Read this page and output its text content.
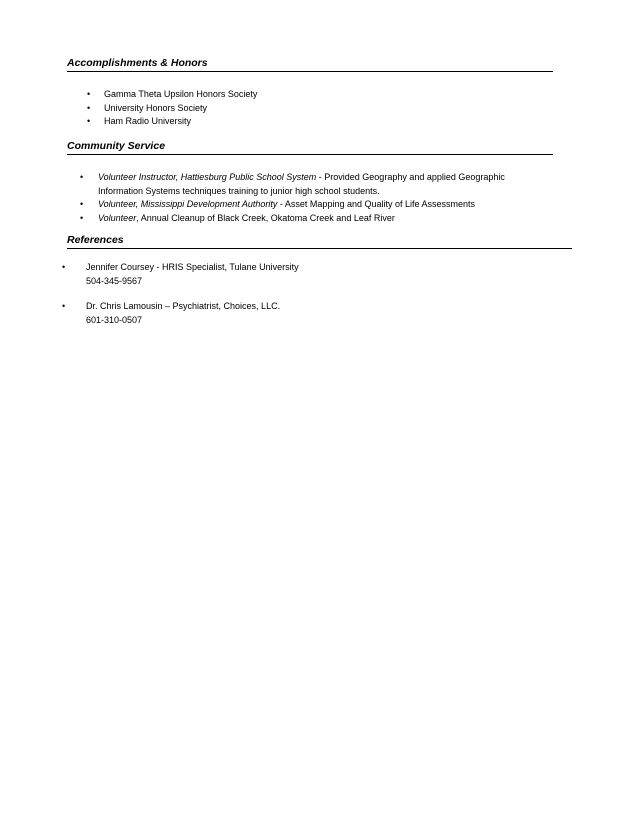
Accomplishments & Honors
• Gamma Theta Upsilon Honors Society
• University Honors Society
• Ham Radio University
Community Service
• Volunteer Instructor, Hattiesburg Public School System - Provided Geography and applied Geographic
Information Systems techniques training to junior high school students.
• Volunteer, Mississippi Development Authority - Asset Mapping and Quality of Life Assessments
• Volunteer, Annual Cleanup of Black Creek, Okatoma Creek and Leaf River
References
• Jennifer Coursey - HRIS Specialist, Tulane University
504-345-9567
• Dr. Chris Lamousin – Psychiatrist, Choices, LLC.
601-310-0507
